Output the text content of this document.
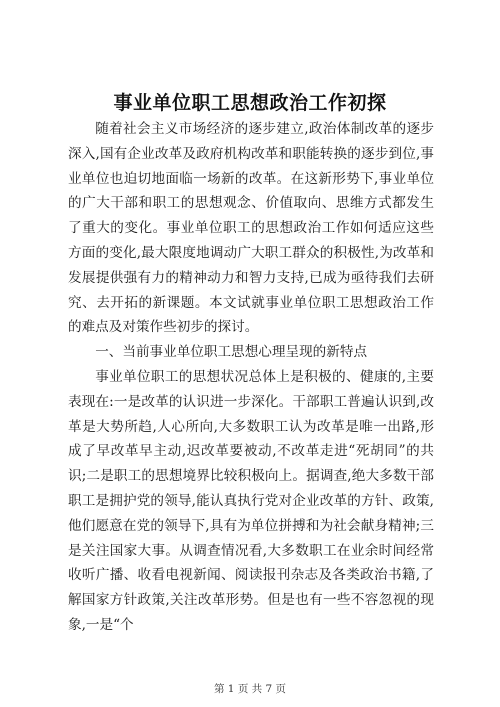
事业单位职工思想政治工作初探

随着社会主义市场经济的逐步建立,政治体制改革的逐步深入,国有企业改革及政府机构改革和职能转换的逐步到位,事业单位也迫切地面临一场新的改革。在这新形势下,事业单位的广大干部和职工的思想观念、价值取向、思维方式都发生了重大的变化。事业单位职工的思想政治工作如何适应这些方面的变化,最大限度地调动广大职工群众的积极性,为改革和发展提供强有力的精神动力和智力支持,已成为亟待我们去研究、去开拓的新课题。本文试就事业单位职工思想政治工作的难点及对策作些初步的探讨。

一、当前事业单位职工思想心理呈现的新特点

事业单位职工的思想状况总体上是积极的、健康的,主要表现在:一是改革的认识进一步深化。干部职工普遍认识到,改革是大势所趋,人心所向,大多数职工认为改革是唯一出路,形成了早改革早主动,迟改革要被动,不改革走进“死胡同”的共识;二是职工的思想境界比较积极向上。据调查,绝大多数干部职工是拥护党的领导,能认真执行党对企业改革的方针、政策,他们愿意在党的领导下,具有为单位拼搏和为社会献身精神;三是关注国家大事。从调查情况看,大多数职工在业余时间经常收听广播、收看电视新闻、阅读报刊杂志及各类政治书籍,了解国家方针政策,关注改革形势。但是也有一些不容忽视的现象,一是“个

第 1 页 共 7 页
